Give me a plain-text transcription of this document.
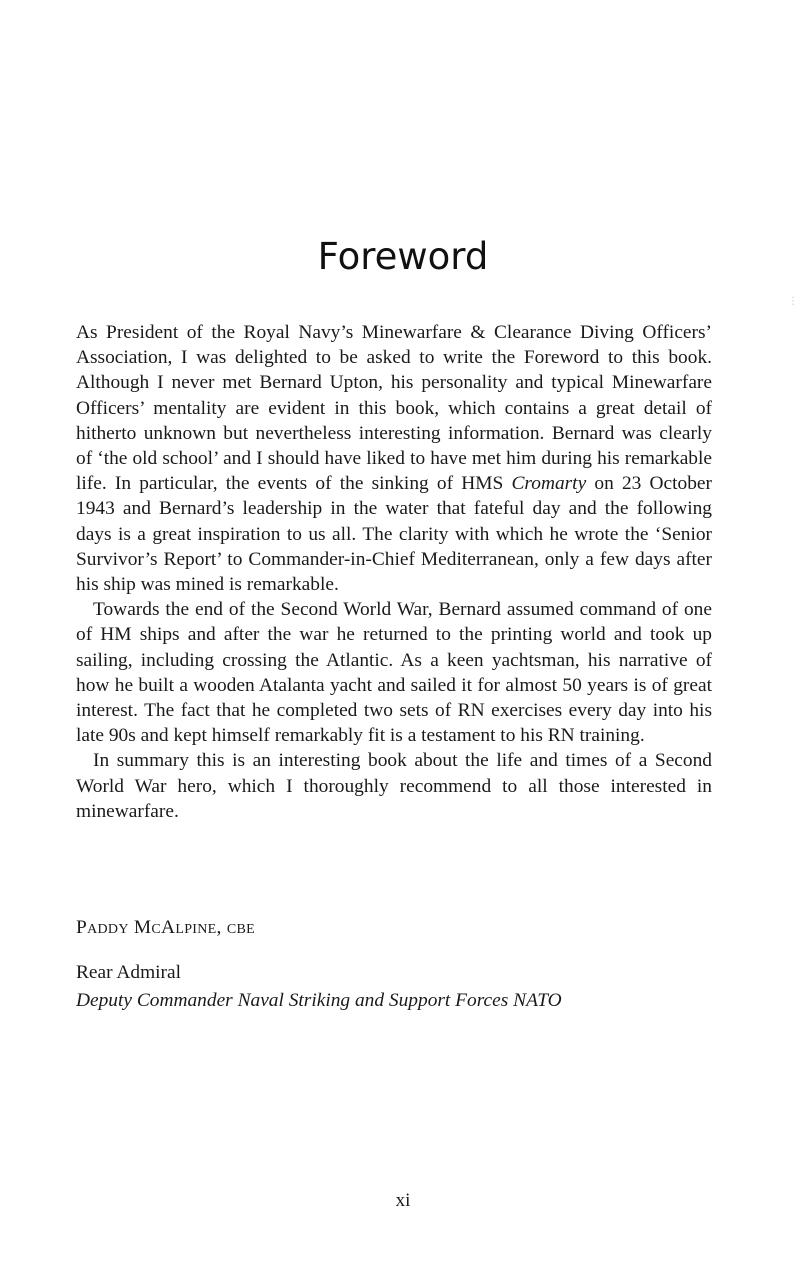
Foreword

As President of the Royal Navy’s Minewarfare & Clearance Diving Officers’ Association, I was delighted to be asked to write the Foreword to this book. Although I never met Bernard Upton, his personality and typical Minewarfare Officers’ mentality are evident in this book, which contains a great detail of hitherto unknown but nevertheless interesting information. Bernard was clearly of ‘the old school’ and I should have liked to have met him during his remarkable life. In particular, the events of the sinking of HMS Cromarty on 23 October 1943 and Bernard’s leadership in the water that fateful day and the following days is a great inspiration to us all. The clarity with which he wrote the ‘Senior Survivor’s Report’ to Commander-in-Chief Mediterranean, only a few days after his ship was mined is remarkable.

Towards the end of the Second World War, Bernard assumed command of one of HM ships and after the war he returned to the printing world and took up sailing, including crossing the Atlantic. As a keen yachtsman, his narrative of how he built a wooden Atalanta yacht and sailed it for almost 50 years is of great interest. The fact that he completed two sets of RN exercises every day into his late 90s and kept himself remarkably fit is a testament to his RN training.

In summary this is an interesting book about the life and times of a Second World War hero, which I thoroughly recommend to all those interested in minewarfare.

Paddy McAlpine, cbe
Rear Admiral
Deputy Commander Naval Striking and Support Forces NATO
xi
⋮
